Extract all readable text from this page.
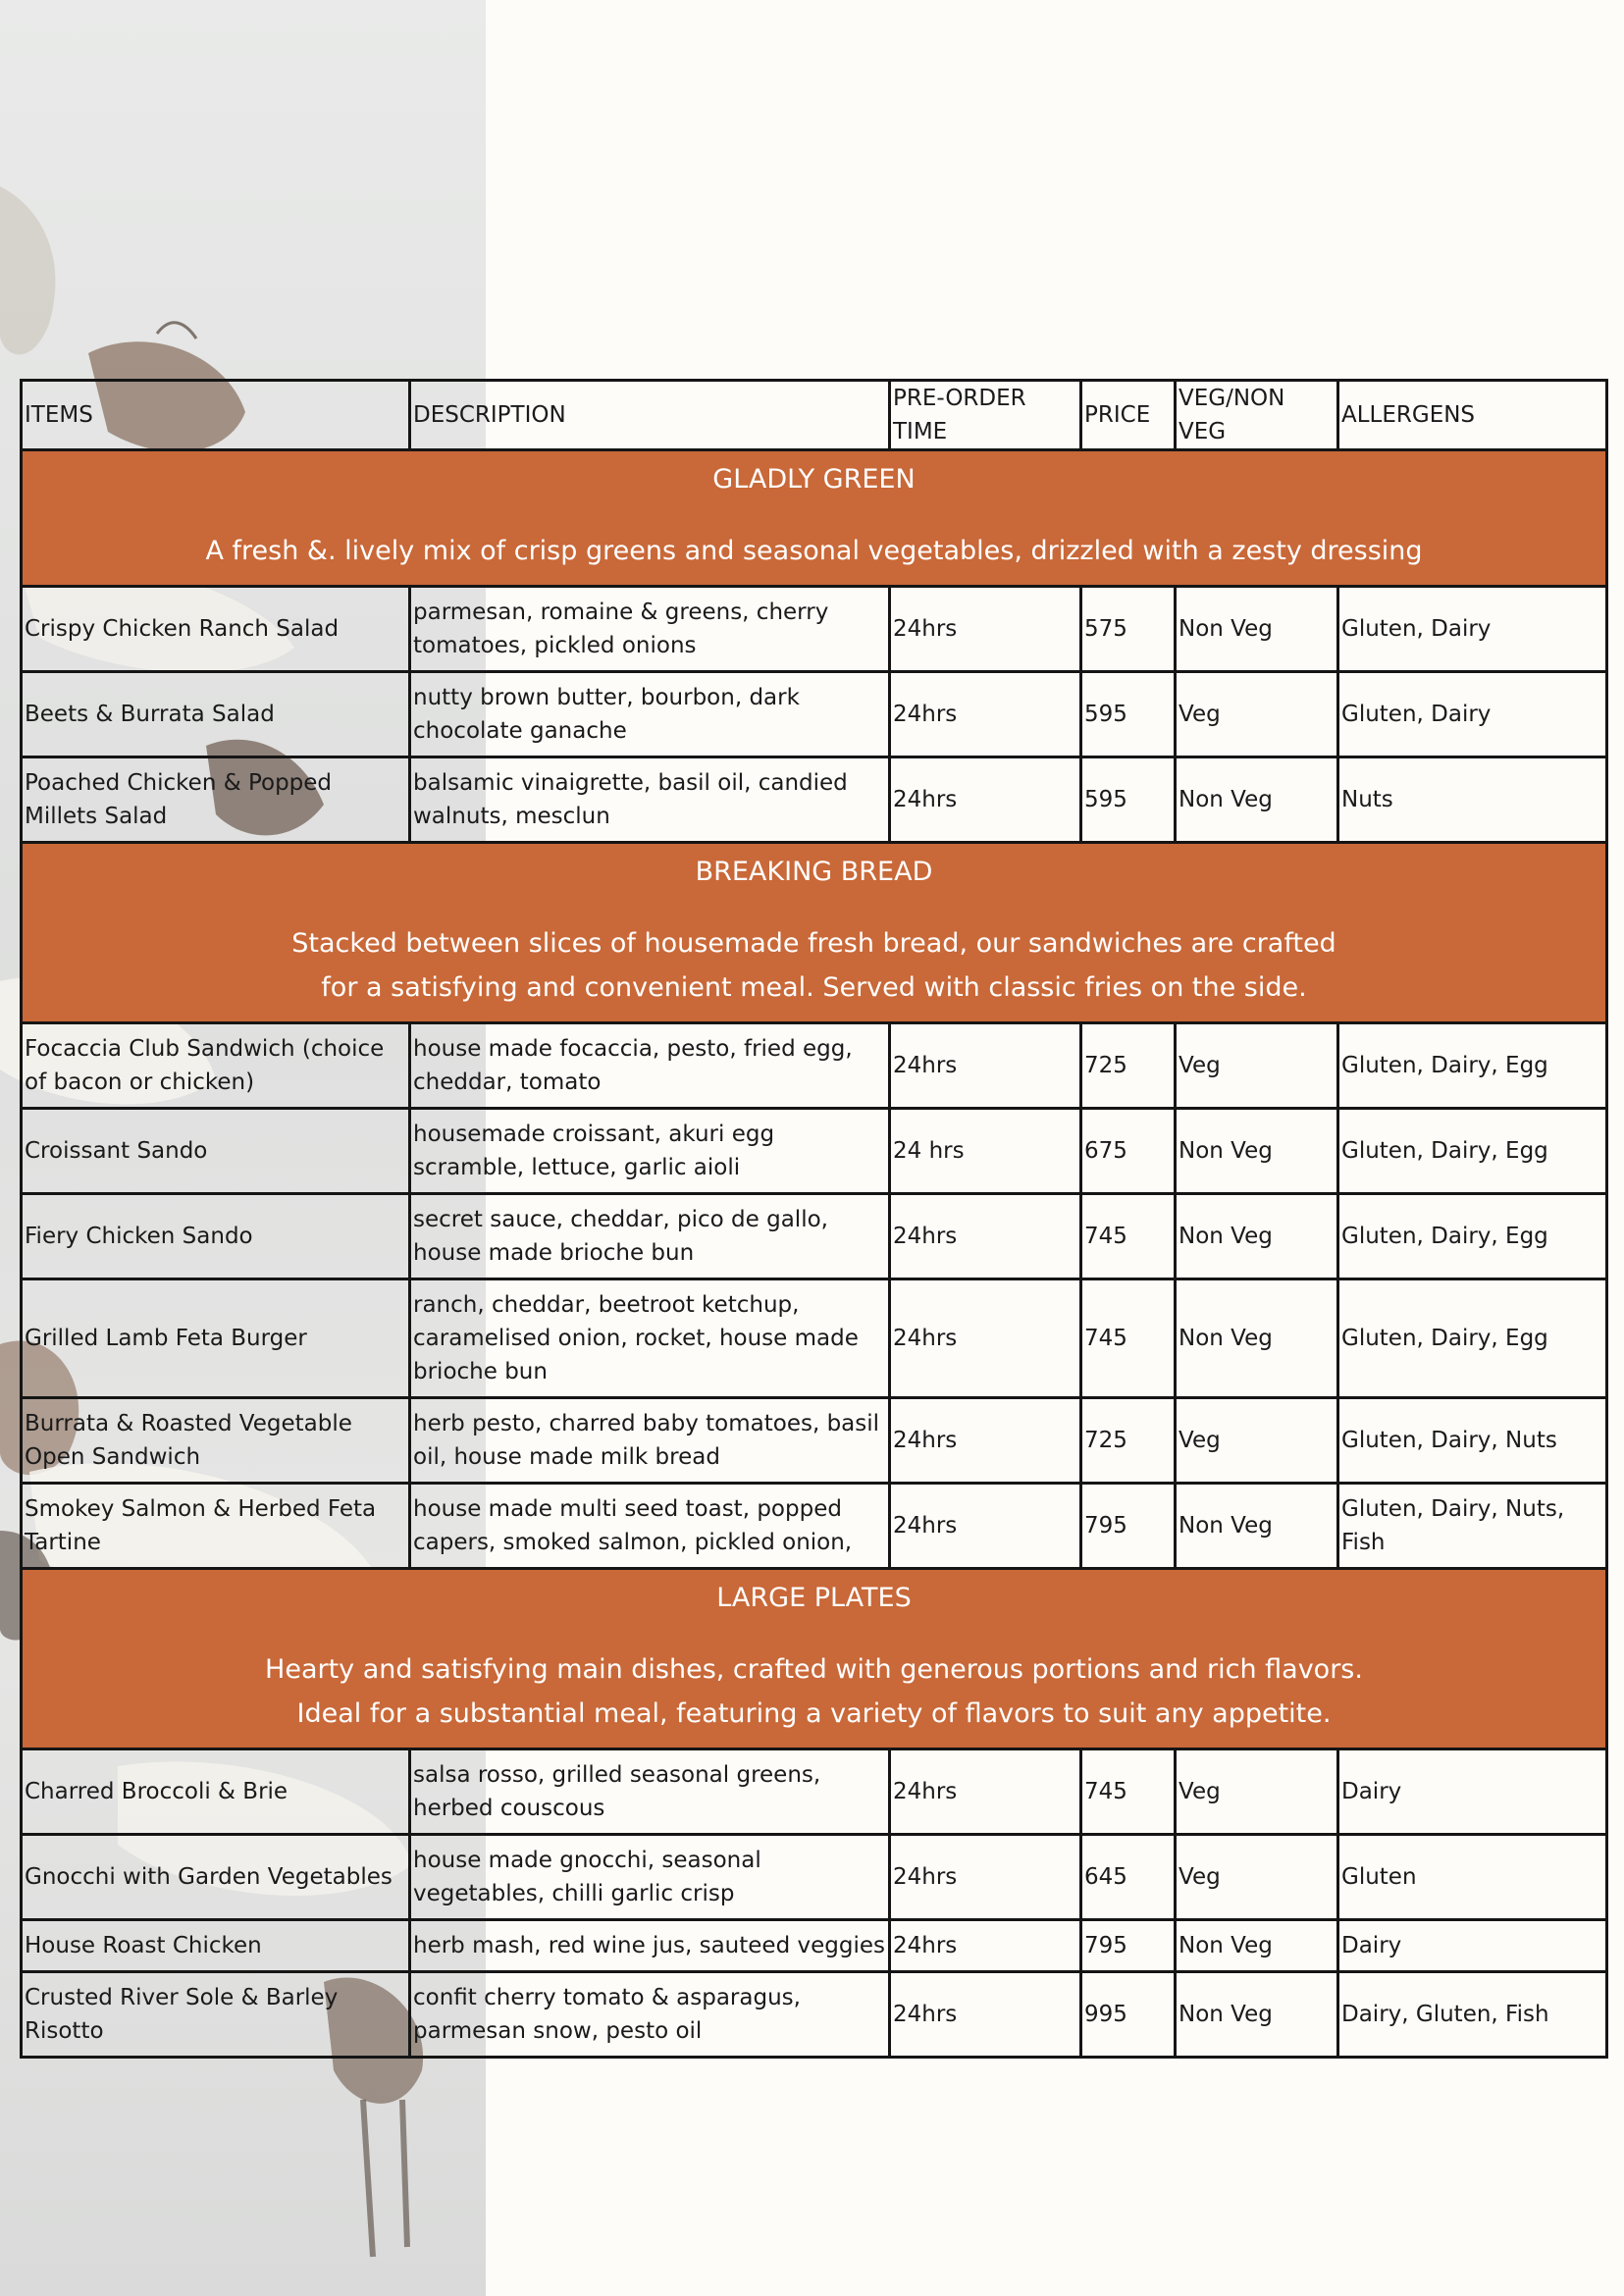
ITEMS	DESCRIPTION	PRE-ORDER TIME	PRICE	VEG/NON VEG	ALLERGENS

GLADLY GREEN
A fresh &. lively mix of crisp greens and seasonal vegetables, drizzled with a zesty dressing					

Crispy Chicken Ranch Salad	parmesan, romaine & greens, cherry tomatoes, pickled onions	24hrs	575	Non Veg	Gluten, Dairy
Beets & Burrata Salad	nutty brown butter, bourbon, dark chocolate ganache	24hrs	595	Veg	Gluten, Dairy
Poached Chicken & Popped Millets Salad	balsamic vinaigrette, basil oil, candied walnuts, mesclun	24hrs	595	Non Veg	Nuts

BREAKING BREAD
Stacked between slices of housemade fresh bread, our sandwiches are crafted
for a satisfying and convenient meal. Served with classic fries on the side.					

Focaccia Club Sandwich (choice of bacon or chicken)	house made focaccia, pesto, fried egg, cheddar, tomato	24hrs	725	Veg	Gluten, Dairy, Egg
Croissant Sando	housemade croissant, akuri egg scramble, lettuce, garlic aioli	24 hrs	675	Non Veg	Gluten, Dairy, Egg
Fiery Chicken Sando	secret sauce, cheddar, pico de gallo, house made brioche bun	24hrs	745	Non Veg	Gluten, Dairy, Egg
Grilled Lamb Feta Burger	ranch, cheddar, beetroot ketchup, caramelised onion, rocket, house made brioche bun	24hrs	745	Non Veg	Gluten, Dairy, Egg
Burrata & Roasted Vegetable Open Sandwich	herb pesto, charred baby tomatoes, basil oil, house made milk bread	24hrs	725	Veg	Gluten, Dairy, Nuts
Smokey Salmon & Herbed Feta Tartine	house made multi seed toast, popped capers, smoked salmon, pickled onion,	24hrs	795	Non Veg	Gluten, Dairy, Nuts, Fish

LARGE PLATES
Hearty and satisfying main dishes, crafted with generous portions and rich flavors.
Ideal for a substantial meal, featuring a variety of flavors to suit any appetite.					

Charred Broccoli & Brie	salsa rosso, grilled seasonal greens, herbed couscous	24hrs	745	Veg	Dairy
Gnocchi with Garden Vegetables	house made gnocchi, seasonal vegetables, chilli garlic crisp	24hrs	645	Veg	Gluten
House Roast Chicken	herb mash, red wine jus, sauteed veggies	24hrs	795	Non Veg	Dairy
Crusted River Sole & Barley Risotto	confit cherry tomato & asparagus, parmesan snow, pesto oil	24hrs	995	Non Veg	Dairy, Gluten, Fish
